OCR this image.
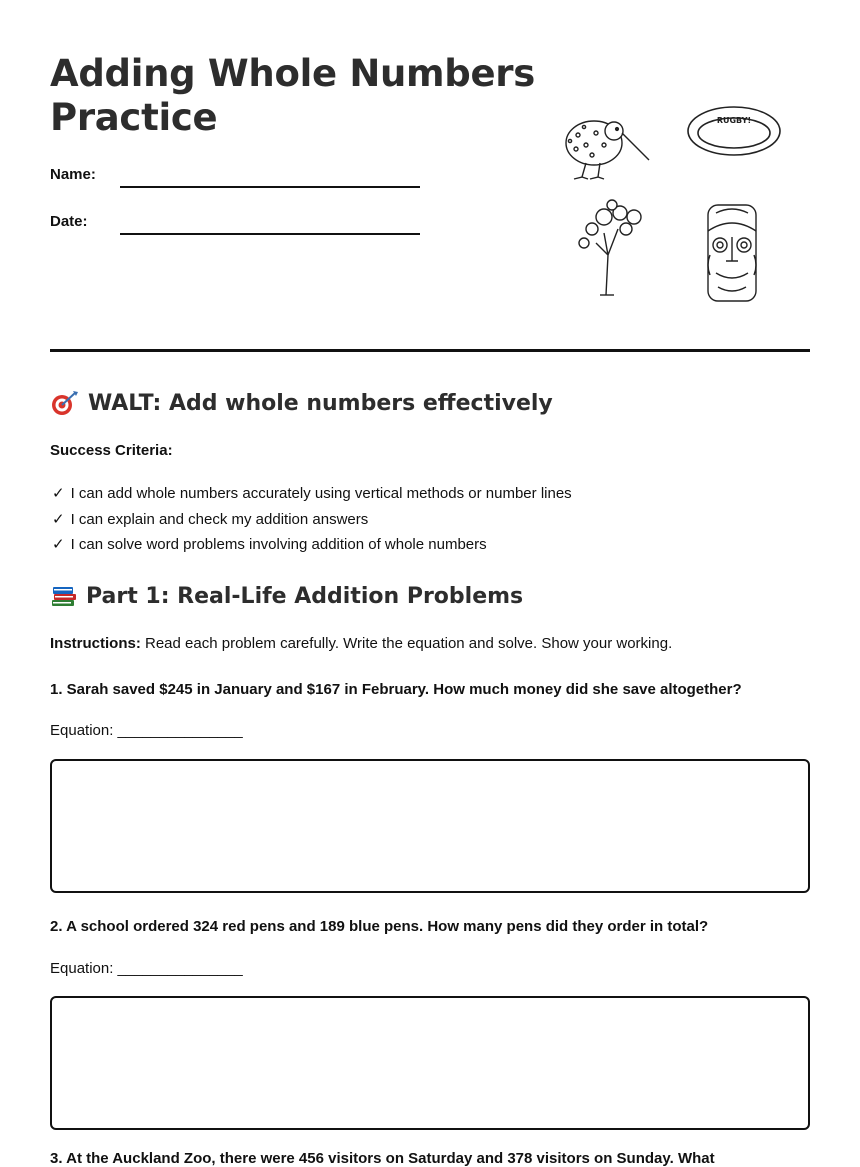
Adding Whole Numbers
Practice
Name:
Date:
RUGBY!
WALT: Add whole numbers effectively
Success Criteria:
✓ I can add whole numbers accurately using vertical methods or number lines
✓ I can explain and check my addition answers
✓ I can solve word problems involving addition of whole numbers
Part 1: Real-Life Addition Problems
Instructions: Read each problem carefully. Write the equation and solve. Show your working.
1. Sarah saved $245 in January and $167 in February. How much money did she save altogether?
Equation: _______________
2. A school ordered 324 red pens and 189 blue pens. How many pens did they order in total?
Equation: _______________
3. At the Auckland Zoo, there were 456 visitors on Saturday and 378 visitors on Sunday. What
